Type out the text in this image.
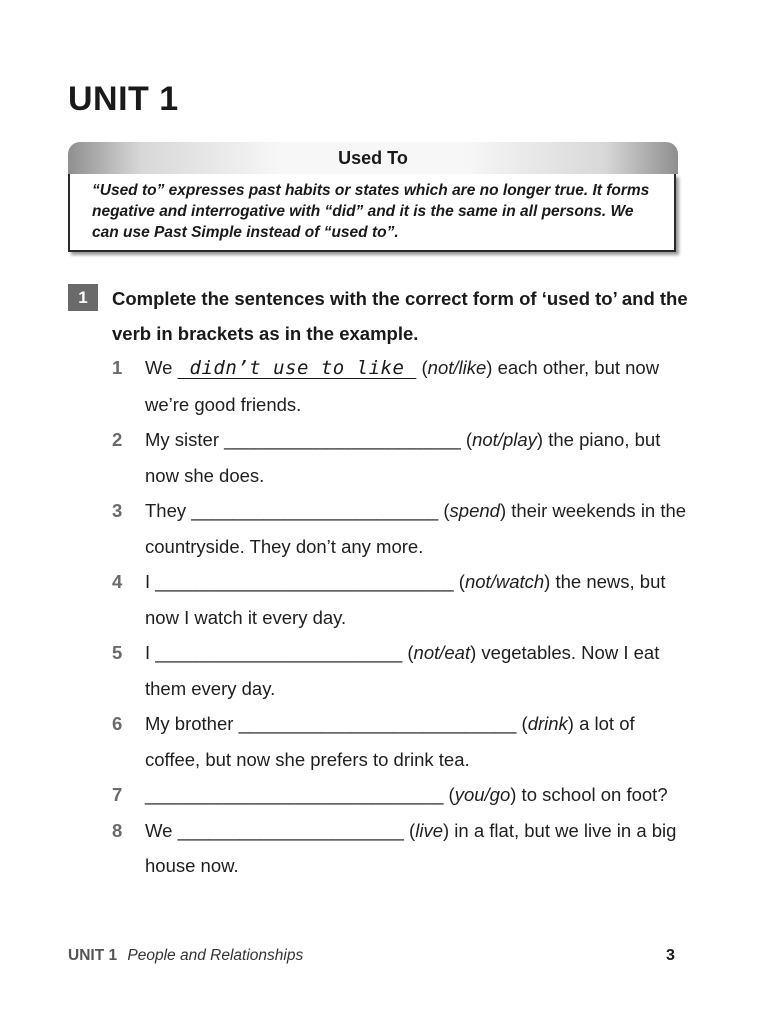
UNIT 1
Used To

“Used to” expresses past habits or states which are no longer true. It forms negative and interrogative with “did” and it is the same in all persons. We can use Past Simple instead of “used to”.

1	Complete the sentences with the correct form of ‘used to’ and the verb in brackets as in the example.

1	We  didn’t use to like  (not/like) each other, but now we’re good friends.
2	My sister _______________________ (not/play) the piano, but now she does.
3	They ________________________ (spend) their weekends in the countryside. They don’t any more.
4	I _____________________________ (not/watch) the news, but now I watch it every day.
5	I ________________________ (not/eat) vegetables. Now I eat them every day.
6	My brother ___________________________ (drink) a lot of coffee, but now she prefers to drink tea.
7	_____________________________ (you/go) to school on foot?
8	We ______________________ (live) in a flat, but we live in a big house now.
UNIT 1 People and Relationships	3
